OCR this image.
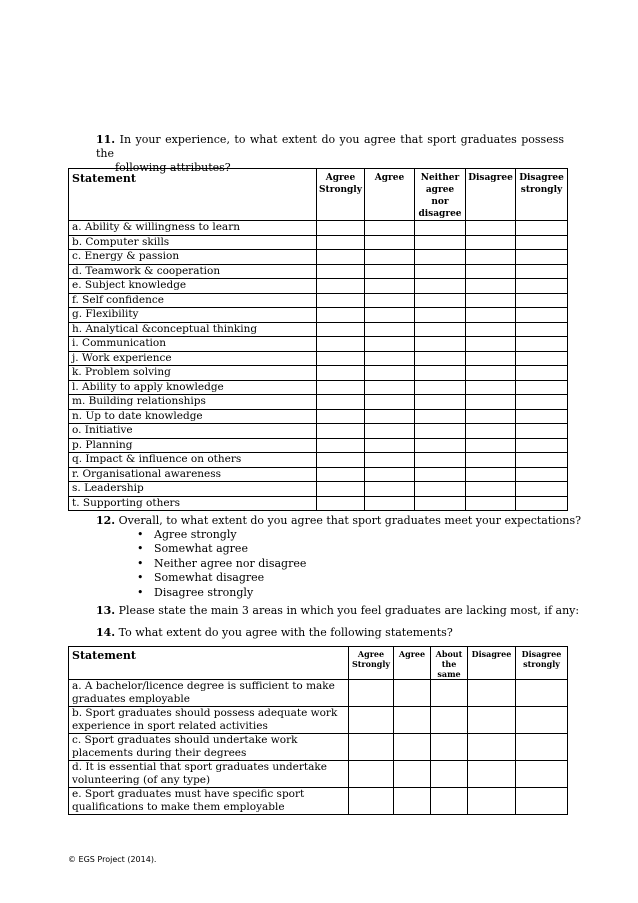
11. In your experience, to what extent do you agree that sport graduates possess the
following attributes?
Statement	Agree Strongly	Agree	Neither agree nor disagree	Disagree	Disagree strongly
a. Ability & willingness to learn					
b. Computer skills					
c. Energy & passion					
d. Teamwork & cooperation					
e. Subject knowledge					
f. Self confidence					
g. Flexibility					
h. Analytical &conceptual thinking					
i. Communication					
j. Work experience					
k. Problem solving					
l. Ability to apply knowledge					
m. Building relationships					
n. Up to date knowledge					
o. Initiative					
p. Planning					
q. Impact & influence on others					
r. Organisational awareness					
s. Leadership					
t. Supporting others					
12. Overall, to what extent do you agree that sport graduates meet your expectations?
• Agree strongly
• Somewhat agree
• Neither agree nor disagree
• Somewhat disagree
• Disagree strongly
13. Please state the main 3 areas in which you feel graduates are lacking most, if any:
14. To what extent do you agree with the following statements?
Statement	Agree Strongly	Agree	About the same	Disagree	Disagree strongly
a. A bachelor/licence degree is sufficient to make graduates employable					
b. Sport graduates should possess adequate work experience in sport related activities					
c. Sport graduates should undertake work placements during their degrees					
d. It is essential that sport graduates undertake volunteering (of any type)					
e. Sport graduates must have specific sport qualifications to make them employable					
© EGS Project (2014).
